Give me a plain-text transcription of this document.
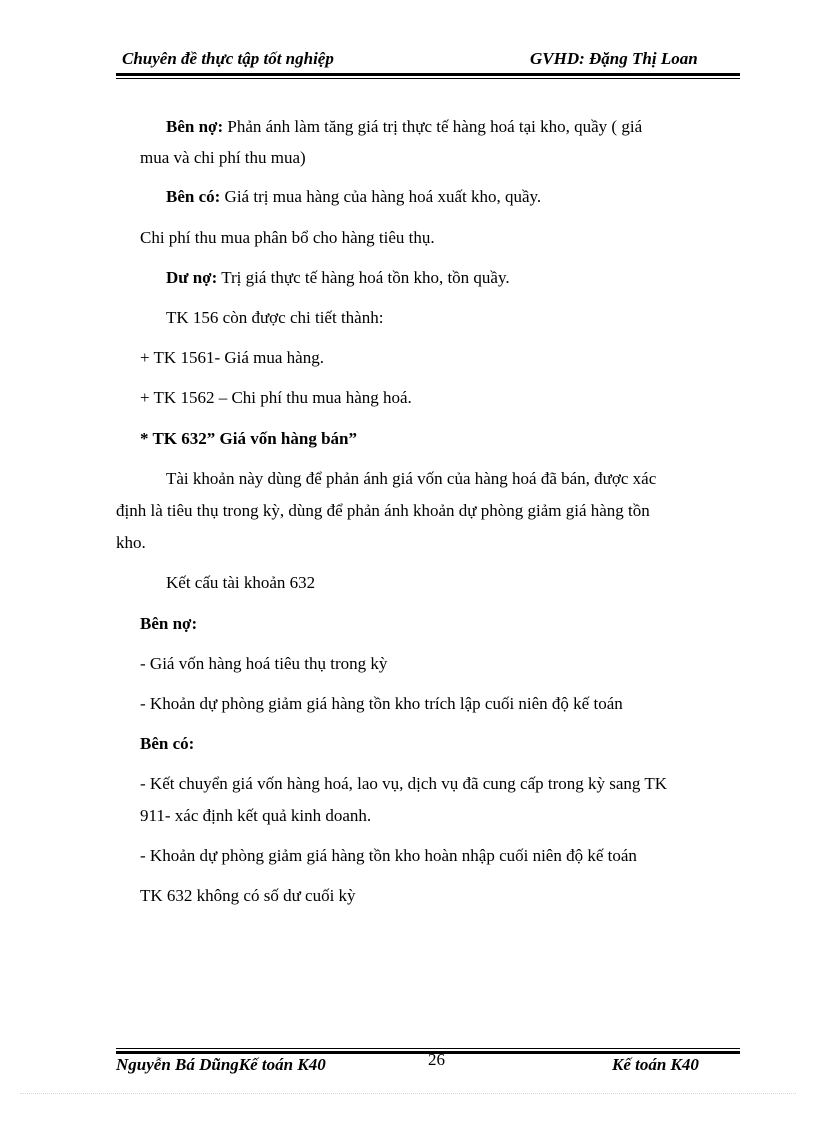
Chuyên đề thực tập tốt nghiệp	GVHD: Đặng Thị Loan
Bên nợ: Phản ánh làm tăng giá trị thực tế hàng hoá tại kho, quầy ( giá
mua và chi phí thu mua)
Bên có: Giá trị mua hàng của hàng hoá xuất kho, quầy.
Chi phí thu mua phân bổ cho hàng tiêu thụ.
Dư nợ: Trị giá thực tế hàng hoá tồn kho, tồn quầy.
TK 156 còn được chi tiết thành:
+ TK 1561- Giá mua hàng.
+ TK 1562 – Chi phí thu mua hàng hoá.
* TK 632” Giá vốn hàng bán”
Tài khoản này dùng để phản ánh giá vốn của hàng hoá đã bán, được xác
định là tiêu thụ trong kỳ, dùng để phản ánh khoản dự phòng giảm giá hàng tồn
kho.
Kết cấu tài khoản 632
Bên nợ:
- Giá vốn hàng hoá tiêu thụ trong kỳ
- Khoản dự phòng giảm giá hàng tồn kho trích lập cuối niên độ kế toán
Bên có:
- Kết chuyển giá vốn hàng hoá, lao vụ, dịch vụ đã cung cấp trong kỳ sang TK
911- xác định kết quả kinh doanh.
- Khoản dự phòng giảm giá hàng tồn kho hoàn nhập cuối niên độ kế toán
TK 632 không có số dư cuối kỳ
Nguyễn Bá DũngKế toán K40	26	Kế toán K40
